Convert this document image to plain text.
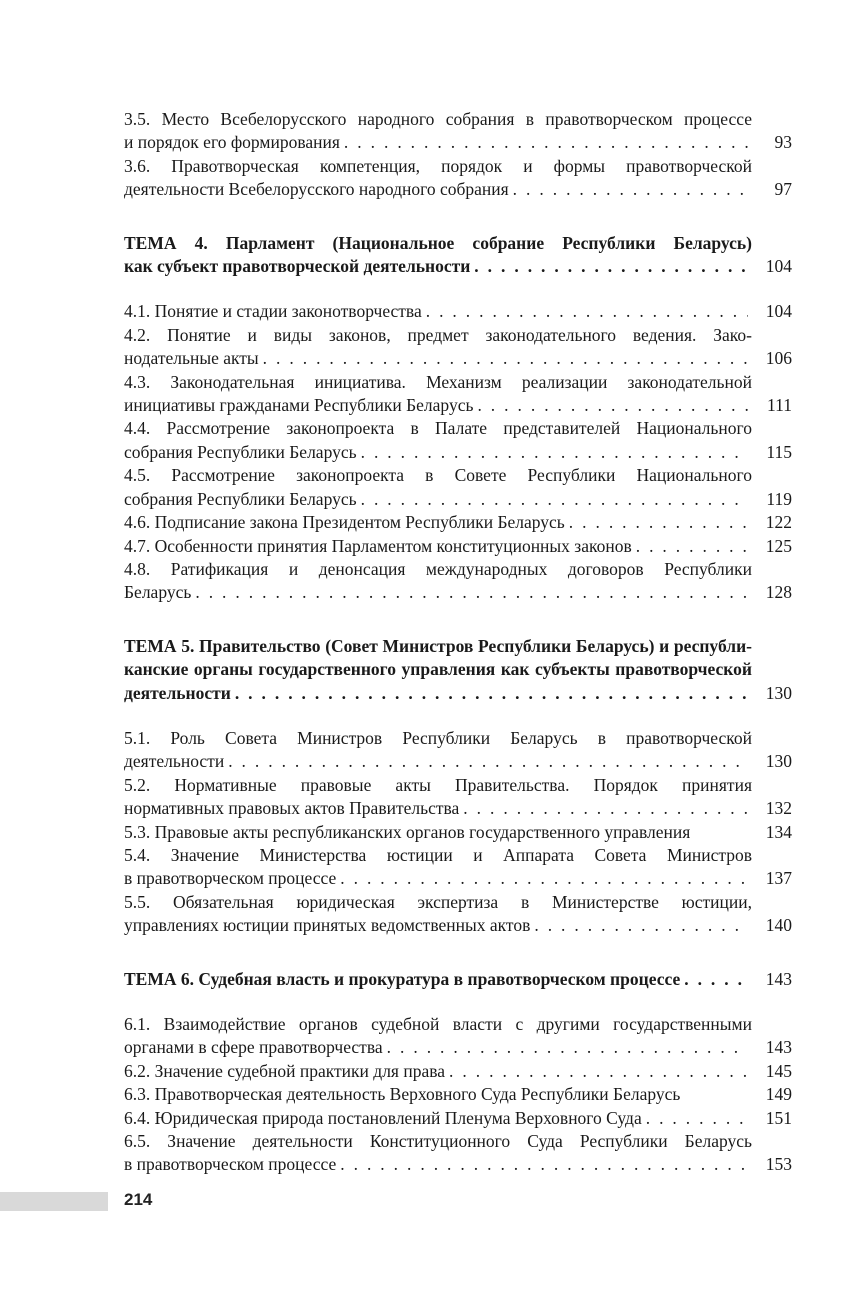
3.5. Место Всебелорусского народного собрания в правотворческом процессе
и порядок его формирования . . .	93
3.6. Правотворческая компетенция, порядок и формы правотворческой
деятельности Всебелорусского народного собрания . . .	97
ТЕМА 4. Парламент (Национальное собрание Республики Беларусь)
как субъект правотворческой деятельности . . .	104
4.1. Понятие и стадии законотворчества . . .	104
4.2. Понятие и виды законов, предмет законодательного ведения. Зако-
нодательные акты . . .	106
4.3. Законодательная инициатива. Механизм реализации законодательной
инициативы гражданами Республики Беларусь . . .	111
4.4. Рассмотрение законопроекта в Палате представителей Национального
собрания Республики Беларусь . . .	115
4.5. Рассмотрение законопроекта в Совете Республики Национального
собрания Республики Беларусь . . .	119
4.6. Подписание закона Президентом Республики Беларусь . . .	122
4.7. Особенности принятия Парламентом конституционных законов . . .	125
4.8. Ратификация и денонсация международных договоров Республики
Беларусь . . .	128
ТЕМА 5. Правительство (Совет Министров Республики Беларусь) и республи-
канские органы государственного управления как субъекты правотворческой
деятельности . . .	130
5.1. Роль Совета Министров Республики Беларусь в правотворческой
деятельности . . .	130
5.2. Нормативные правовые акты Правительства. Порядок принятия
нормативных правовых актов Правительства . . .	132
5.3. Правовые акты республиканских органов государственного управления	134
5.4. Значение Министерства юстиции и Аппарата Совета Министров
в правотворческом процессе . . .	137
5.5. Обязательная юридическая экспертиза в Министерстве юстиции,
управлениях юстиции принятых ведомственных актов . . .	140
ТЕМА 6. Судебная власть и прокуратура в правотворческом процессе . . .	143
6.1. Взаимодействие органов судебной власти с другими государственными
органами в сфере правотворчества . . .	143
6.2. Значение судебной практики для права . . .	145
6.3. Правотворческая деятельность Верховного Суда Республики Беларусь	149
6.4. Юридическая природа постановлений Пленума Верховного Суда . . .	151
6.5. Значение деятельности Конституционного Суда Республики Беларусь
в правотворческом процессе . . .	153
214
